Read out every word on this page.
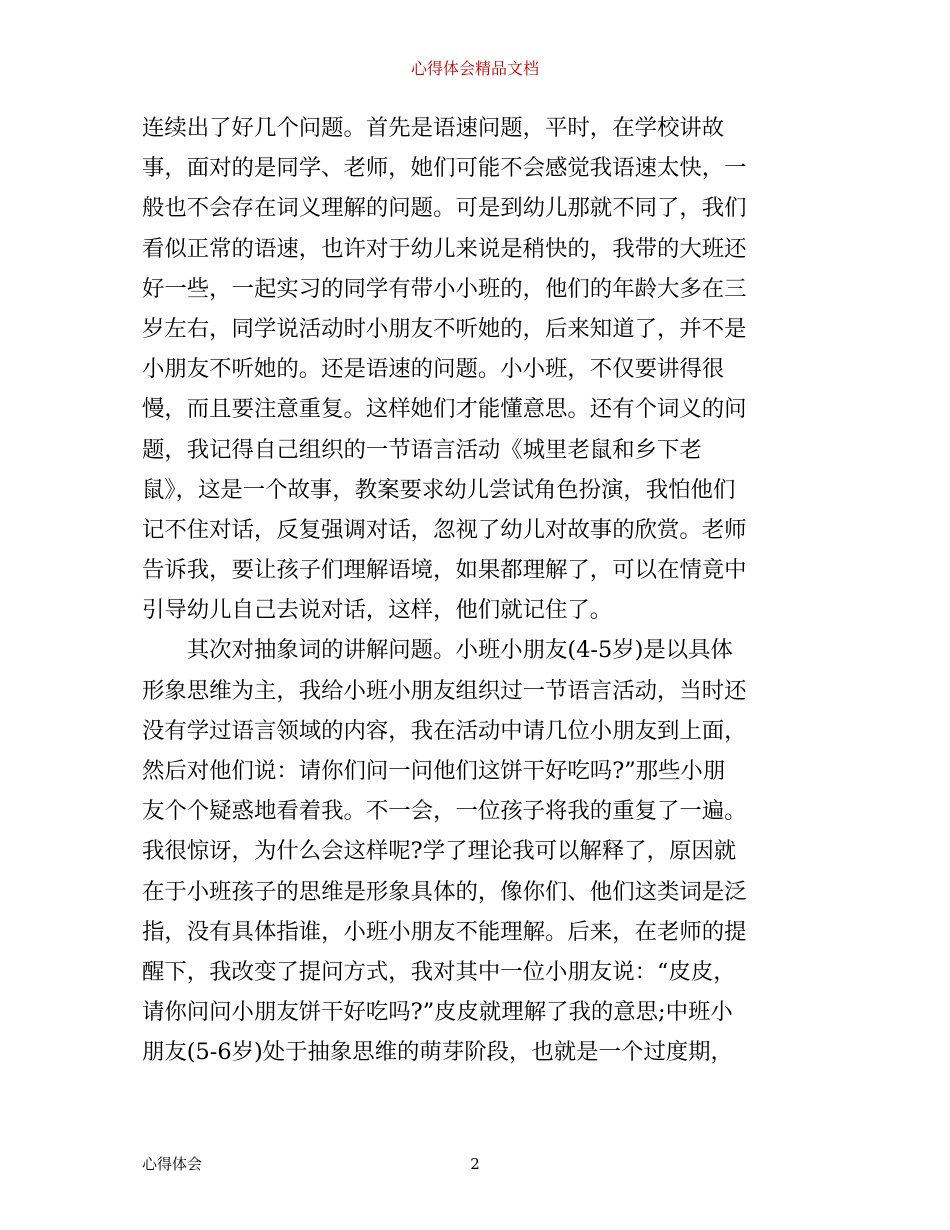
心得体会精品文档
连续出了好几个问题。首先是语速问题，平时，在学校讲故
事，面对的是同学、老师，她们可能不会感觉我语速太快，一
般也不会存在词义理解的问题。可是到幼儿那就不同了，我们
看似正常的语速，也许对于幼儿来说是稍快的，我带的大班还
好一些，一起实习的同学有带小小班的，他们的年龄大多在三
岁左右，同学说活动时小朋友不听她的，后来知道了，并不是
小朋友不听她的。还是语速的问题。小小班，不仅要讲得很
慢，而且要注意重复。这样她们才能懂意思。还有个词义的问
题，我记得自己组织的一节语言活动《城里老鼠和乡下老
鼠》，这是一个故事，教案要求幼儿尝试角色扮演，我怕他们
记不住对话，反复强调对话，忽视了幼儿对故事的欣赏。老师
告诉我，要让孩子们理解语境，如果都理解了，可以在情竟中
引导幼儿自己去说对话，这样，他们就记住了。
　　其次对抽象词的讲解问题。小班小朋友(4-5岁)是以具体
形象思维为主，我给小班小朋友组织过一节语言活动，当时还
没有学过语言领域的内容，我在活动中请几位小朋友到上面，
然后对他们说：请你们问一问他们这饼干好吃吗?”那些小朋
友个个疑惑地看着我。不一会，一位孩子将我的重复了一遍。
我很惊讶，为什么会这样呢?学了理论我可以解释了，原因就
在于小班孩子的思维是形象具体的，像你们、他们这类词是泛
指，没有具体指谁，小班小朋友不能理解。后来，在老师的提
醒下，我改变了提问方式，我对其中一位小朋友说：“皮皮，
请你问问小朋友饼干好吃吗?”皮皮就理解了我的意思;中班小
朋友(5-6岁)处于抽象思维的萌芽阶段，也就是一个过度期，
心得体会	2
